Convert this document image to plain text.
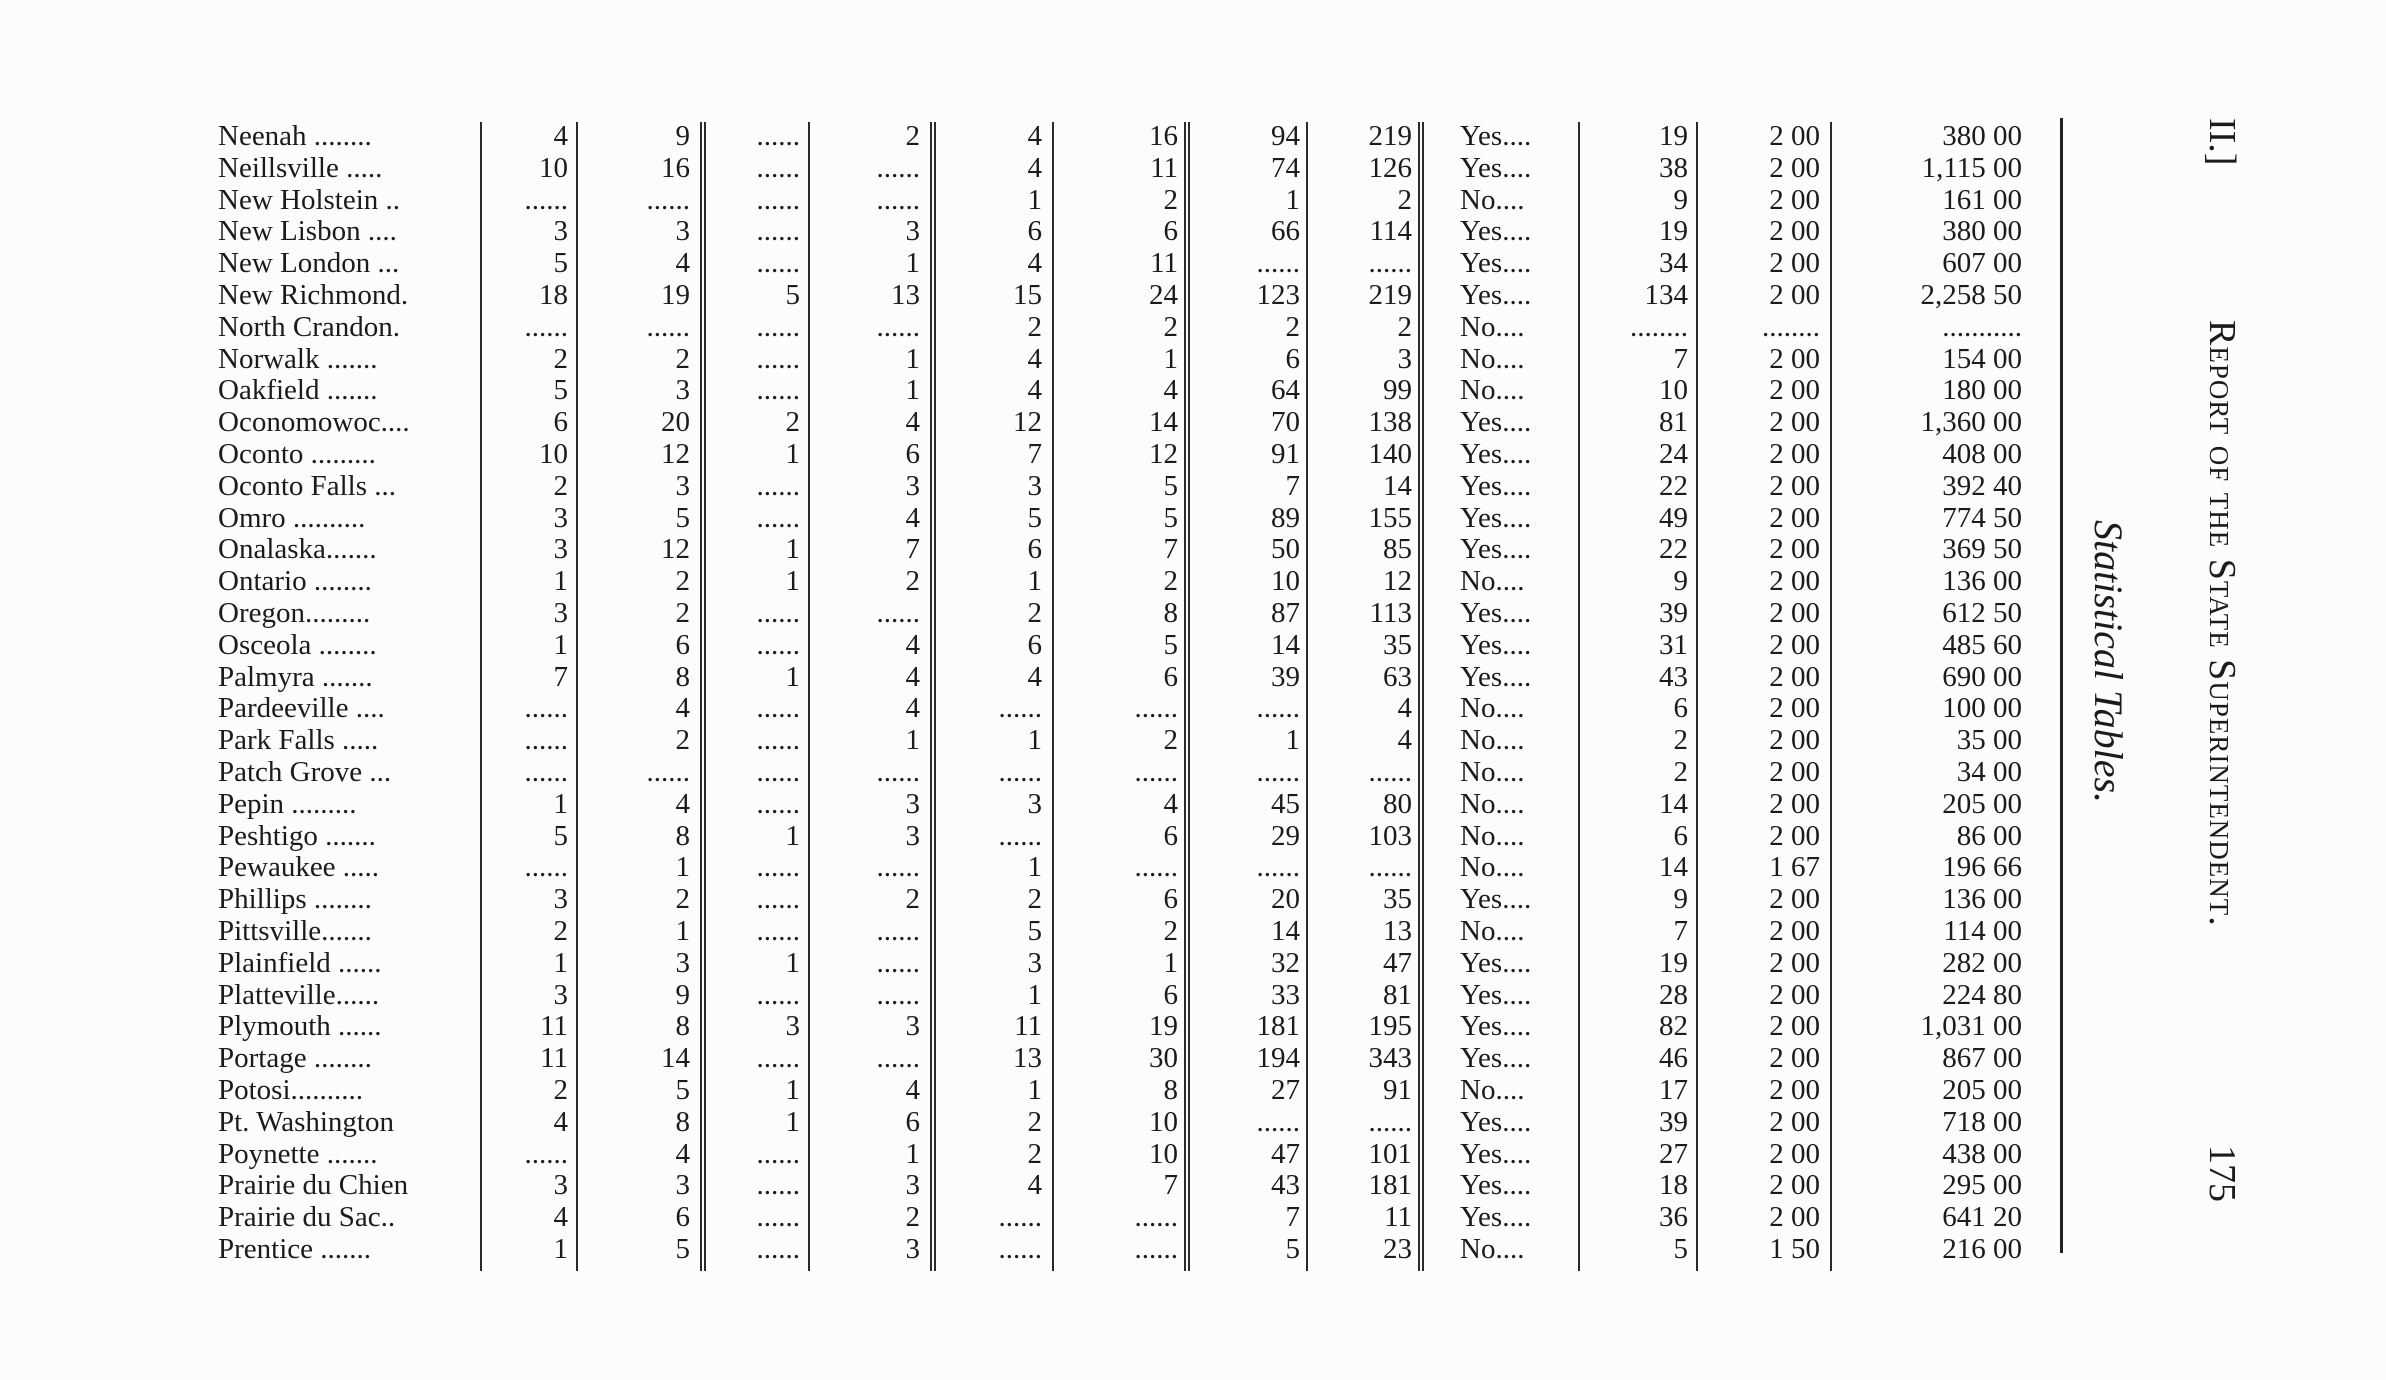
Neenah ........	4	9	......	2	4	16	94	219 Yes....	19	2 00	380 00
Neillsville .....	10	16	......	......	4	11	74	126 Yes....	38	2 00	1,115 00
New Holstein ..	......	......	......	......	1	2	1	2 No....	9	2 00	161 00
New Lisbon ....	3	3	......	3	6	6	66	114 Yes....	19	2 00	380 00
New London ...	5	4	......	1	4	11	......	...... Yes....	34	2 00	607 00
New Richmond.	18	19	5	13	15	24	123	219 Yes....	134	2 00	2,258 50
North Crandon.	......	......	......	......	2	2	2	2 No....	........	........	...........
Norwalk .......	2	2	......	1	4	1	6	3 No....	7	2 00	154 00
Oakfield .......	5	3	......	1	4	4	64	99 No....	10	2 00	180 00
Oconomowoc....	6	20	2	4	12	14	70	138 Yes....	81	2 00	1,360 00
Oconto .........	10	12	1	6	7	12	91	140 Yes....	24	2 00	408 00
Oconto Falls ...	2	3	......	3	3	5	7	14 Yes....	22	2 00	392 40
Omro ..........	3	5	......	4	5	5	89	155 Yes....	49	2 00	774 50
Onalaska.......	3	12	1	7	6	7	50	85 Yes....	22	2 00	369 50
Ontario ........	1	2	1	2	1	2	10	12 No....	9	2 00	136 00
Oregon.........	3	2	......	......	2	8	87	113 Yes....	39	2 00	612 50
Osceola ........	1	6	......	4	6	5	14	35 Yes....	31	2 00	485 60
Palmyra .......	7	8	1	4	4	6	39	63 Yes....	43	2 00	690 00
Pardeeville ....	......	4	......	4	......	......	......	4 No....	6	2 00	100 00
Park Falls .....	......	2	......	1	1	2	1	4 No....	2	2 00	35 00
Patch Grove ...	......	......	......	......	......	......	......	...... No....	2	2 00	34 00
Pepin .........	1	4	......	3	3	4	45	80 No....	14	2 00	205 00
Peshtigo .......	5	8	1	3	......	6	29	103 No....	6	2 00	86 00
Pewaukee .....	......	1	......	......	1	......	......	...... No....	14	1 67	196 66
Phillips ........	3	2	......	2	2	6	20	35 Yes....	9	2 00	136 00
Pittsville.......	2	1	......	......	5	2	14	13 No....	7	2 00	114 00
Plainfield ......	1	3	1	......	3	1	32	47 Yes....	19	2 00	282 00
Platteville......	3	9	......	......	1	6	33	81 Yes....	28	2 00	224 80
Plymouth ......	11	8	3	3	11	19	181	195 Yes....	82	2 00	1,031 00
Portage ........	11	14	......	......	13	30	194	343 Yes....	46	2 00	867 00
Potosi..........	2	5	1	4	1	8	27	91 No....	17	2 00	205 00
Pt. Washington	4	8	1	6	2	10	......	...... Yes....	39	2 00	718 00
Poynette .......	......	4	......	1	2	10	47	101 Yes....	27	2 00	438 00
Prairie du Chien	3	3	......	3	4	7	43	181 Yes....	18	2 00	295 00
Prairie du Sac..	4	6	......	2	......	......	7	11 Yes....	36	2 00	641 20
Prentice .......	1	5	......	3	......	......	5	23 No....	5	1 50	216 00
II.]
Report of the State Superintendent.
175
Statistical Tables.
